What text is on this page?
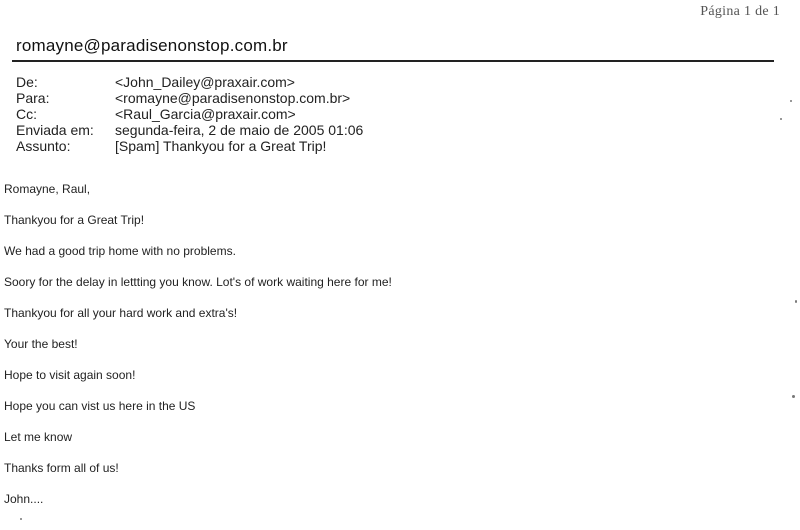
Página 1 de 1
romayne@paradisenonstop.com.br
De:	<John_Dailey@praxair.com>
Para:	<romayne@paradisenonstop.com.br>
Cc:	<Raul_Garcia@praxair.com>
Enviada em:	segunda-feira, 2 de maio de 2005 01:06
Assunto:	[Spam] Thankyou for a Great Trip!
Romayne, Raul,
Thankyou for a Great Trip!
We had a good trip home with no problems.
Soory for the delay in lettting you know. Lot's of work waiting here for me!
Thankyou for all your hard work and extra's!
Your the best!
Hope to visit again soon!
Hope you can vist us here in the US
Let me know
Thanks form all of us!
John....
